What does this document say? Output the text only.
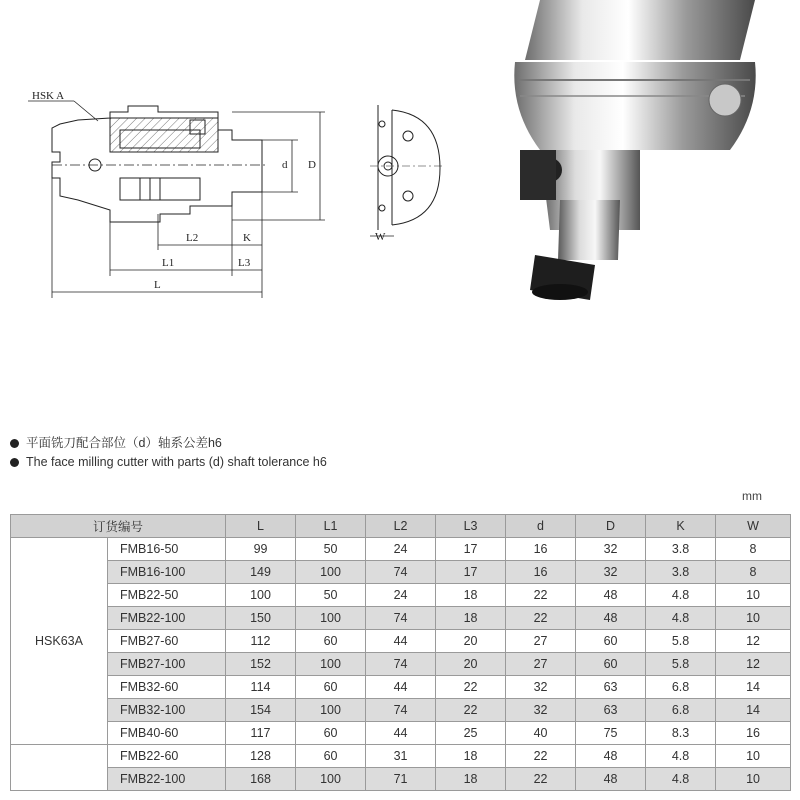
HSK A
d D
L2	K
L1	L3
L
W
平面铣刀配合部位（d）轴系公差h6
The face milling cutter with parts (d) shaft tolerance h6
mm
订货编号		L	L1	L2	L3	d	D	K	W
HSK63A	FMB16-50	99	50	24	17	16	32	3.8	8
	FMB16-100	149	100	74	17	16	32	3.8	8
	FMB22-50	100	50	24	18	22	48	4.8	10
	FMB22-100	150	100	74	18	22	48	4.8	10
	FMB27-60	112	60	44	20	27	60	5.8	12
	FMB27-100	152	100	74	20	27	60	5.8	12
	FMB32-60	114	60	44	22	32	63	6.8	14
	FMB32-100	154	100	74	22	32	63	6.8	14
	FMB40-60	117	60	44	25	40	75	8.3	16
	FMB22-60	128	60	31	18	22	48	4.8	10
	FMB22-100	168	100	71	18	22	48	4.8	10
